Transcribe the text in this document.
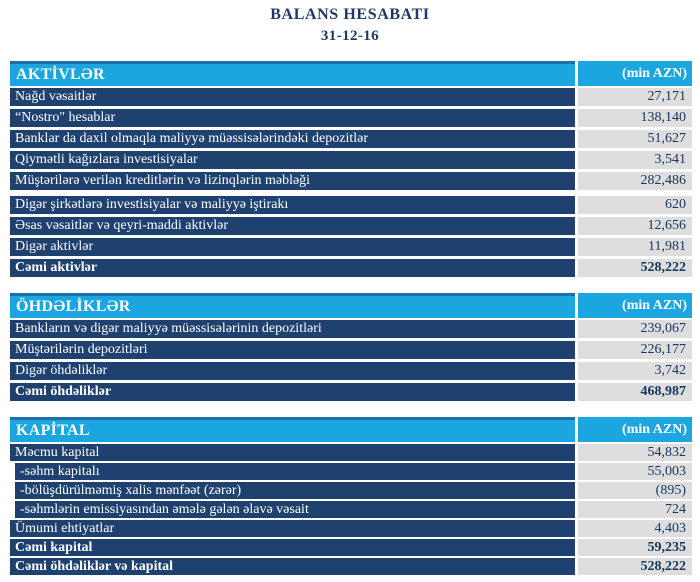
BALANS HESABATI
31-12-16
AKTİVLƏR	(min AZN)
Nağd vəsaitlər	27,171
“Nostro" hesablar	138,140
Banklar da daxil olmaqla maliyyə müəssisələrindəki depozitlər	51,627
Qiymətli kağızlara investisiyalar	3,541
Müştərilərə verilən kreditlərin və lizinqlərin məbləği	282,486
Digər şirkətlərə investisiyalar və maliyyə iştirakı	620
Əsas vəsaitlər və qeyri-maddi aktivlər	12,656
Digər aktivlər	11,981
Cəmi aktivlər	528,222
ÖHDƏLİKLƏR	(min AZN)
Bankların və digər maliyyə müəssisələrinin depozitləri	239,067
Müştərilərin depozitləri	226,177
Digər öhdəliklər	3,742
Cəmi öhdəliklər	468,987
KAPİTAL	(min AZN)
Məcmu kapital	54,832
-səhm kapitalı	55,003
-bölüşdürülməmiş xalis mənfəət (zərər)	(895)
-səhmlərin emissiyasından əmələ gələn əlavə vəsait	724
Ümumi ehtiyatlar	4,403
Cəmi kapital	59,235
Cəmi öhdəliklər və kapital	528,222
